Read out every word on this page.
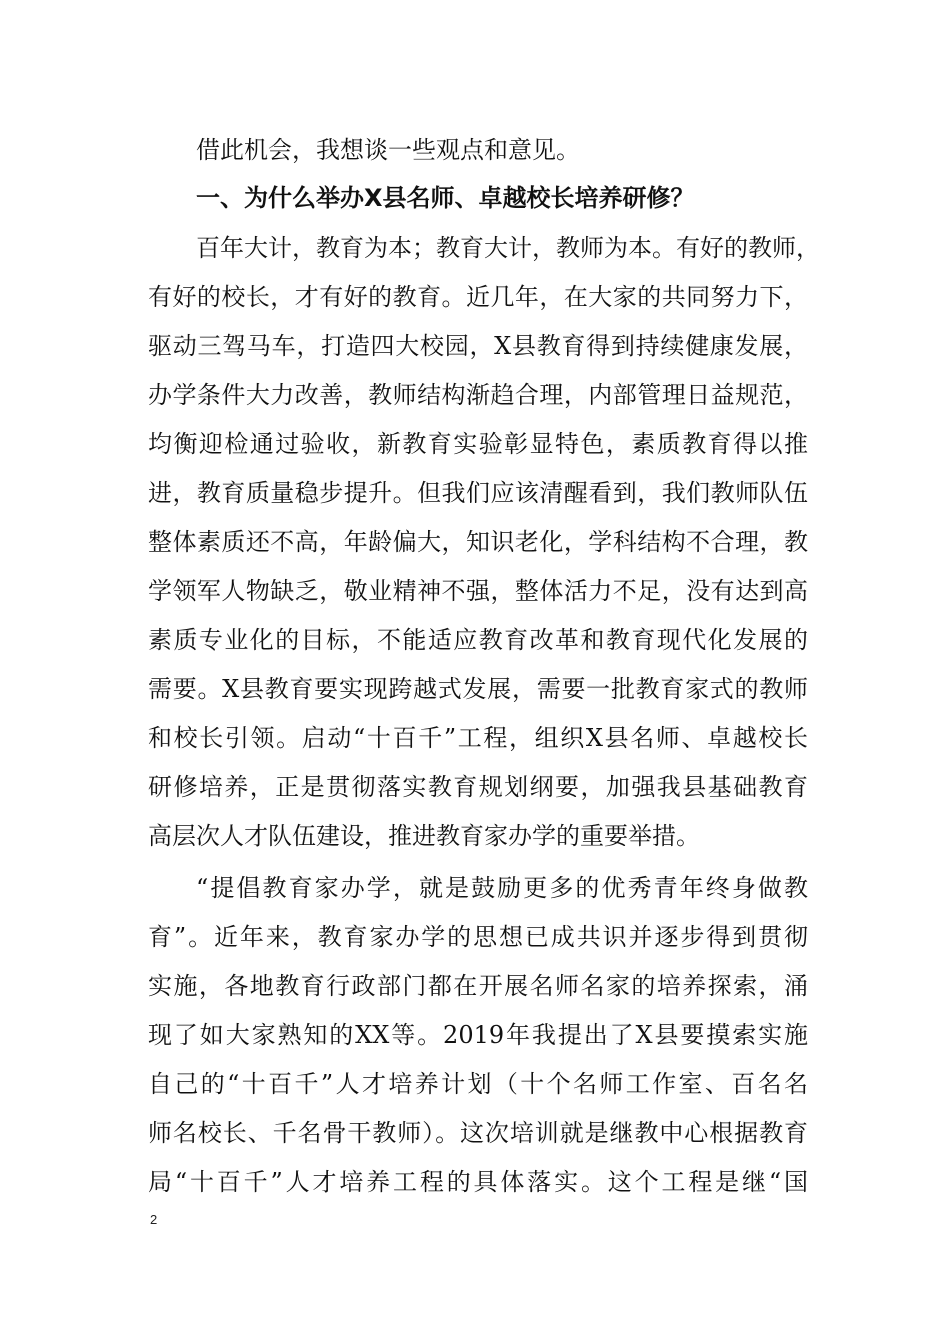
借此机会，我想谈一些观点和意见。
一、为什么举办X县名师、卓越校长培养研修？
百年大计，教育为本；教育大计，教师为本。有好的教师，
有好的校长，才有好的教育。近几年，在大家的共同努力下，
驱动三驾马车，打造四大校园，X县教育得到持续健康发展，
办学条件大力改善，教师结构渐趋合理，内部管理日益规范，
均衡迎检通过验收，新教育实验彰显特色，素质教育得以推
进，教育质量稳步提升。但我们应该清醒看到，我们教师队伍
整体素质还不高，年龄偏大，知识老化，学科结构不合理，教
学领军人物缺乏，敬业精神不强，整体活力不足，没有达到高
素质专业化的目标，不能适应教育改革和教育现代化发展的
需要。X县教育要实现跨越式发展，需要一批教育家式的教师
和校长引领。启动“十百千”工程，组织X县名师、卓越校长
研修培养，正是贯彻落实教育规划纲要，加强我县基础教育
高层次人才队伍建设，推进教育家办学的重要举措。
“提倡教育家办学，就是鼓励更多的优秀青年终身做教
育”。近年来，教育家办学的思想已成共识并逐步得到贯彻
实施，各地教育行政部门都在开展名师名家的培养探索，涌
现了如大家熟知的XX等。2019年我提出了X县要摸索实施
自己的“十百千”人才培养计划（十个名师工作室、百名名
师名校长、千名骨干教师）。这次培训就是继教中心根据教育
局“十百千”人才培养工程的具体落实。这个工程是继“国
2
